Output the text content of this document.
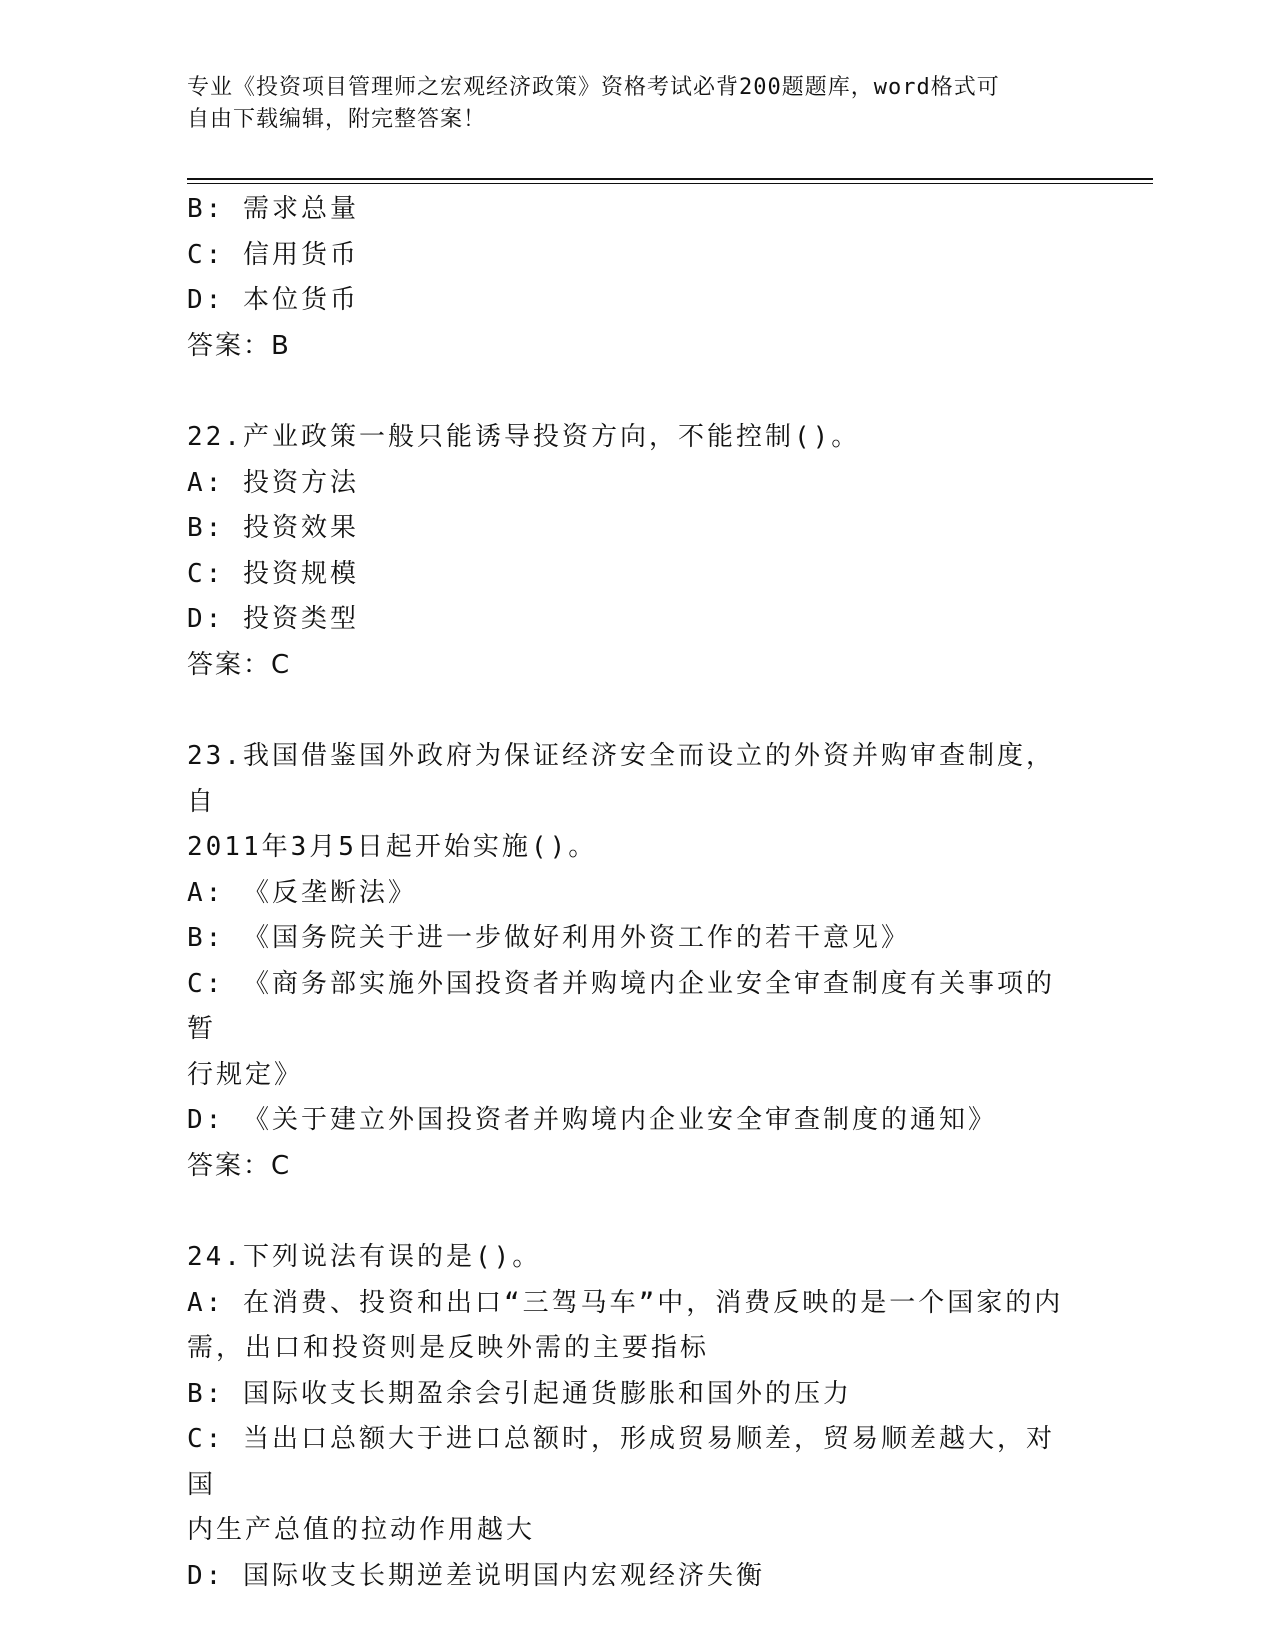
专业《投资项目管理师之宏观经济政策》资格考试必背200题题库，word格式可
自由下载编辑，附完整答案！

B: 需求总量

C: 信用货币

D: 本位货币

答案：B

22.产业政策一般只能诱导投资方向，不能控制()。

A: 投资方法

B: 投资效果

C: 投资规模

D: 投资类型

答案：C

23.我国借鉴国外政府为保证经济安全而设立的外资并购审查制度，自

2011年3月5日起开始实施()。

A: 《反垄断法》

B: 《国务院关于进一步做好利用外资工作的若干意见》

C: 《商务部实施外国投资者并购境内企业安全审查制度有关事项的暂

行规定》

D: 《关于建立外国投资者并购境内企业安全审查制度的通知》

答案：C

24.下列说法有误的是()。

A: 在消费、投资和出口“三驾马车”中，消费反映的是一个国家的内

需，出口和投资则是反映外需的主要指标

B: 国际收支长期盈余会引起通货膨胀和国外的压力

C: 当出口总额大于进口总额时，形成贸易顺差，贸易顺差越大，对国

内生产总值的拉动作用越大

D: 国际收支长期逆差说明国内宏观经济失衡
